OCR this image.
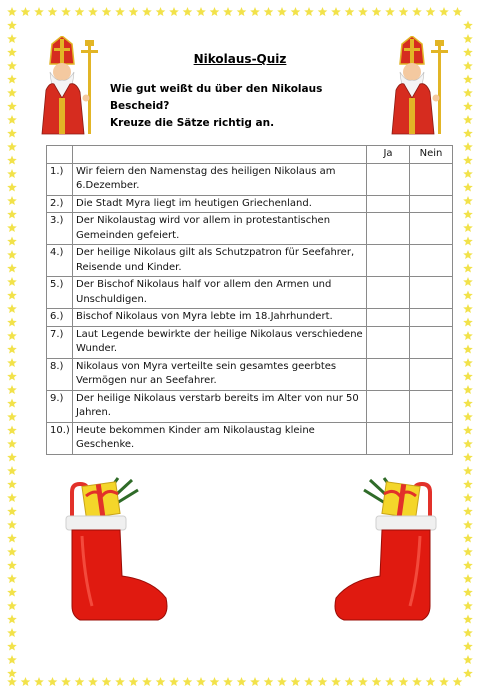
Nikolaus-Quiz
Wie gut weißt du über den Nikolaus Bescheid?
Kreuze die Sätze richtig an.
		Ja	Nein
1.)	Wir feiern den Namenstag des heiligen Nikolaus am 6.Dezember.		
2.)	Die Stadt Myra liegt im heutigen Griechenland.		
3.)	Der Nikolaustag wird vor allem in protestantischen Gemeinden gefeiert.		
4.)	Der heilige Nikolaus gilt als Schutzpatron für Seefahrer, Reisende und Kinder.		
5.)	Der Bischof Nikolaus half vor allem den Armen und Unschuldigen.		
6.)	Bischof Nikolaus von Myra lebte im 18.Jahrhundert.		
7.)	Laut Legende bewirkte der heilige Nikolaus verschiedene Wunder.		
8.)	Nikolaus von Myra verteilte sein gesamtes geerbtes Vermögen nur an Seefahrer.		
9.)	Der heilige Nikolaus verstarb bereits im Alter von nur 50 Jahren.		
10.)	Heute bekommen Kinder am Nikolaustag kleine Geschenke.		
